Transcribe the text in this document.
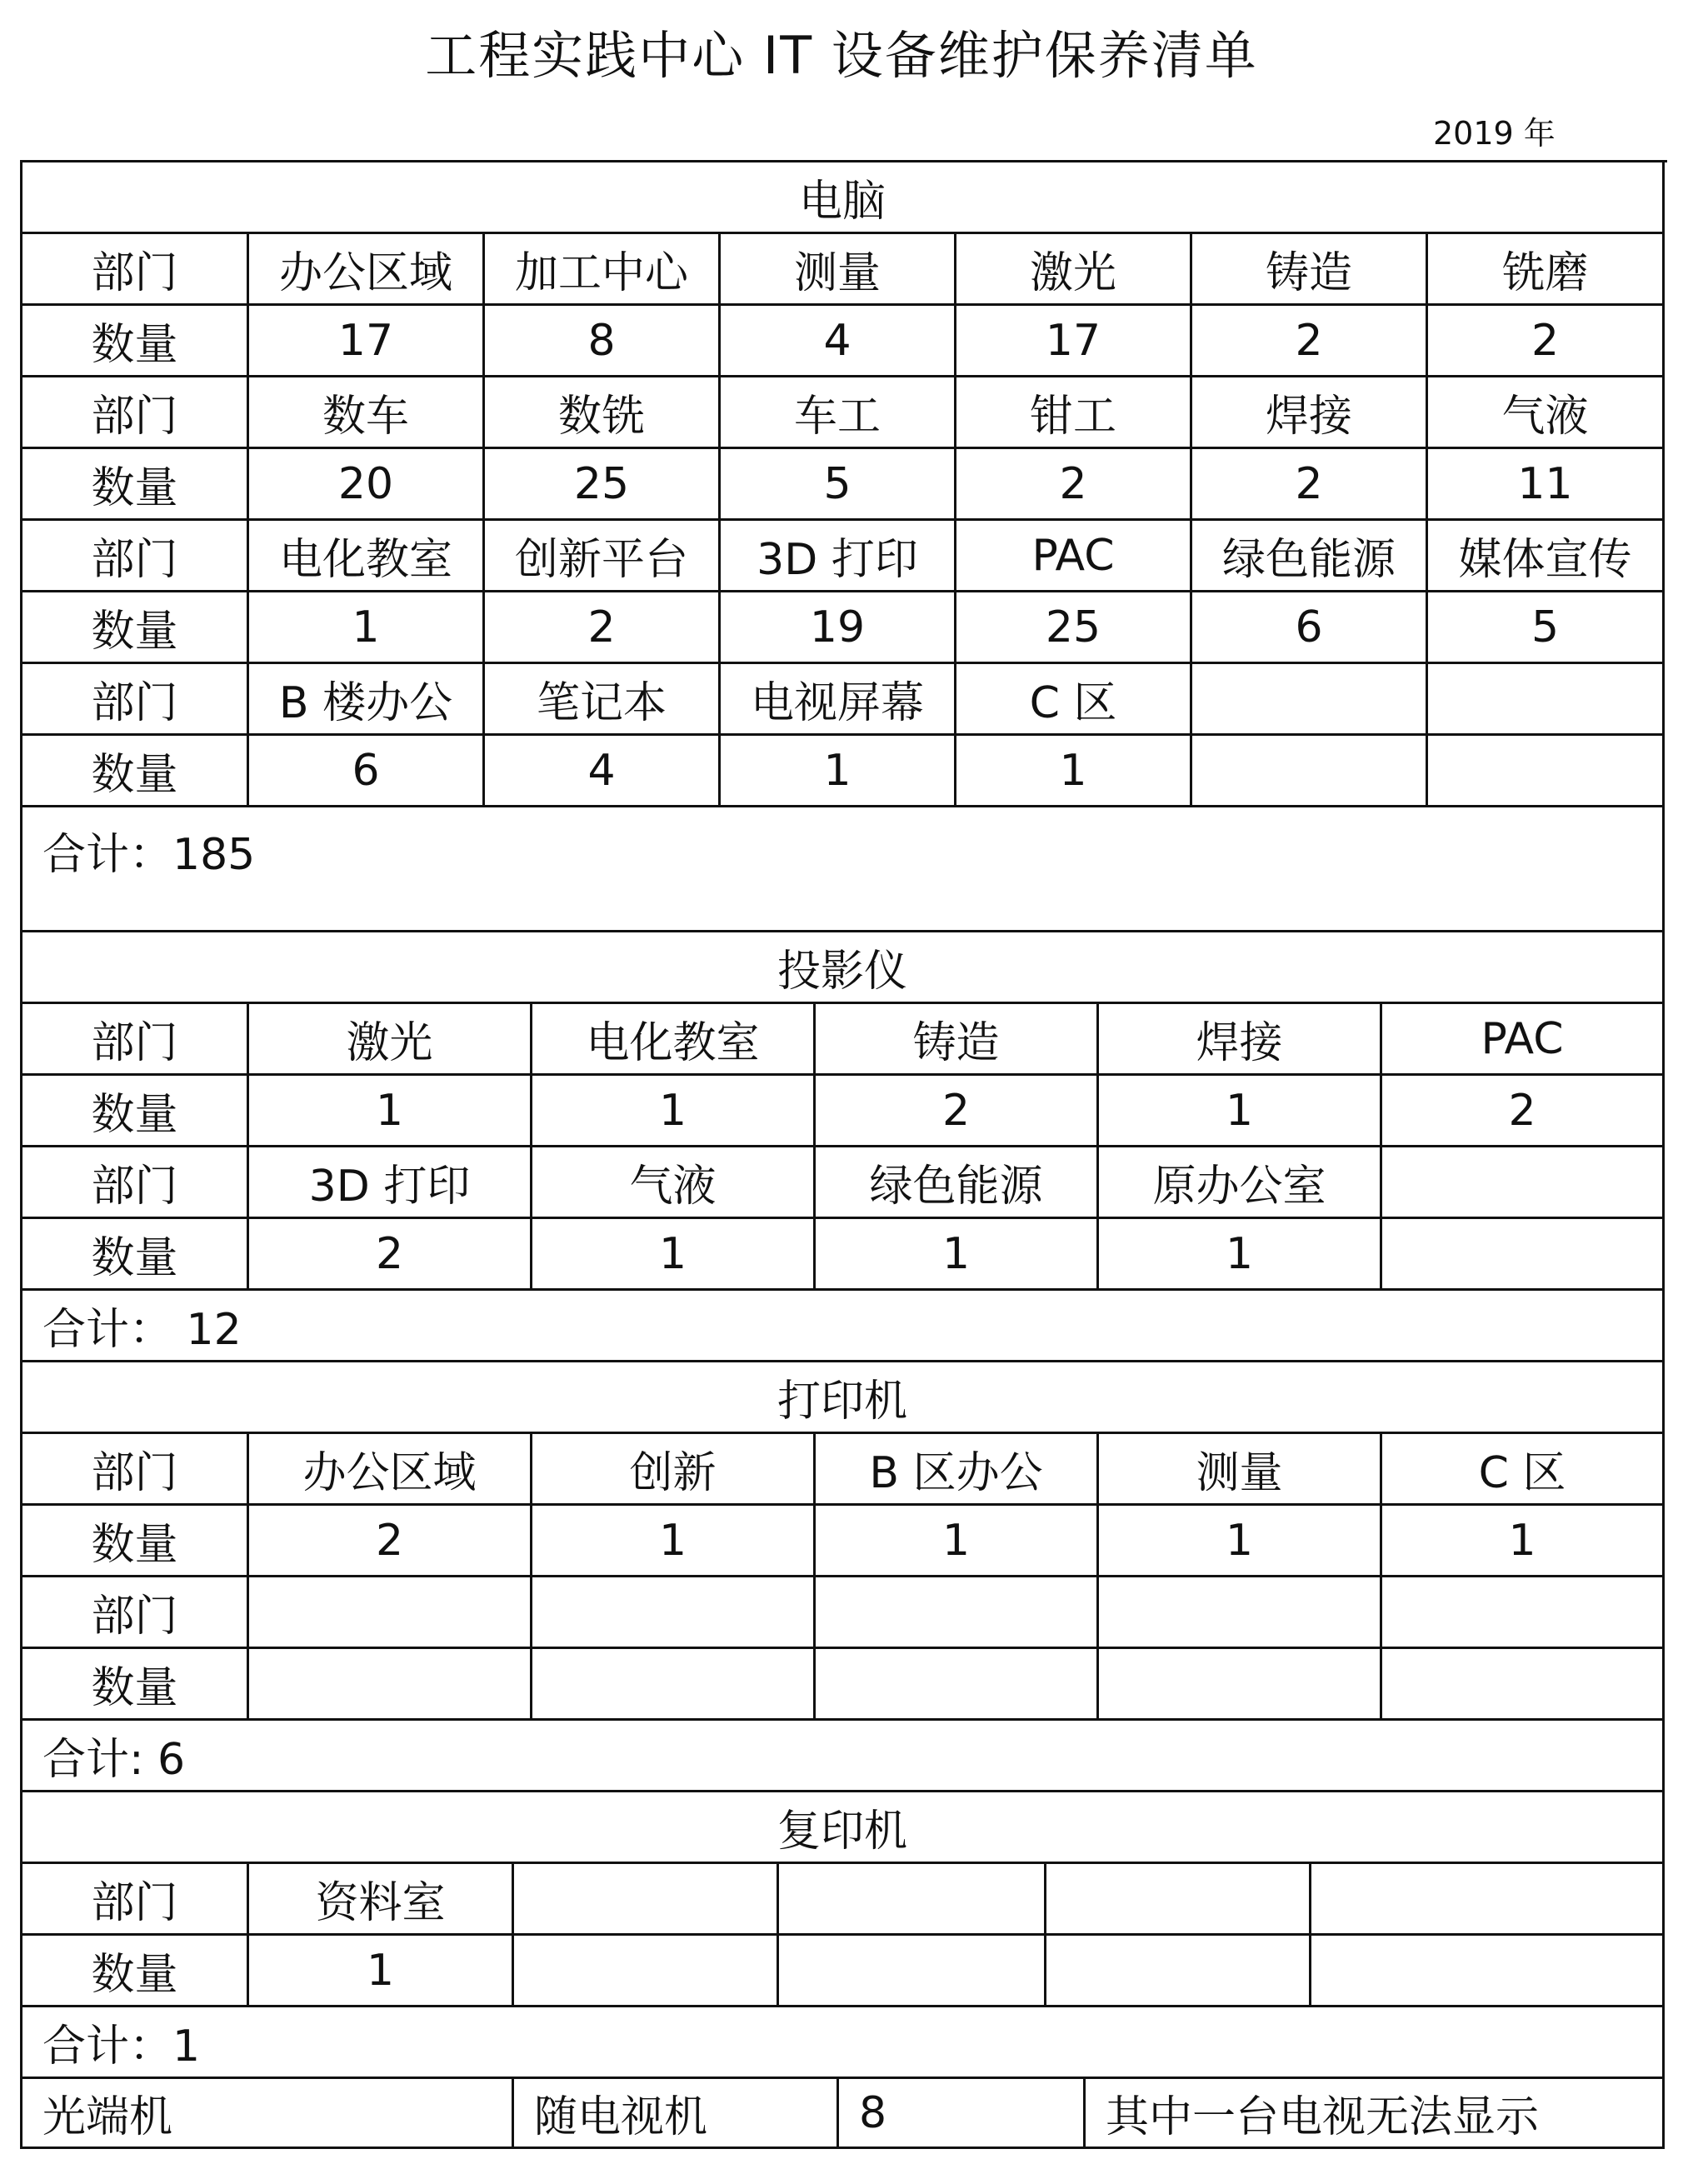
工程实践中心 IT 设备维护保养清单
2019 年
电脑
部门	办公区域	加工中心	测量	激光	铸造	铣磨
数量	17	8	4	17	2	2
部门	数车	数铣	车工	钳工	焊接	气液
数量	20	25	5	2	2	11
部门	电化教室	创新平台	3D 打印	PAC	绿色能源	媒体宣传
数量	1	2	19	25	6	5
部门	B 楼办公	笔记本	电视屏幕	C 区
数量	6	4	1	1
合计：185
投影仪
部门	激光	电化教室	铸造	焊接	PAC
数量	1	1	2	1	2
部门	3D 打印	气液	绿色能源	原办公室
数量	2	1	1	1
合计： 12
打印机
部门	办公区域	创新	B 区办公	测量	C 区
数量	2	1	1	1	1
部门
数量
合计: 6
复印机
部门	资料室
数量	1
合计：1
光端机	随电视机	8	其中一台电视无法显示
